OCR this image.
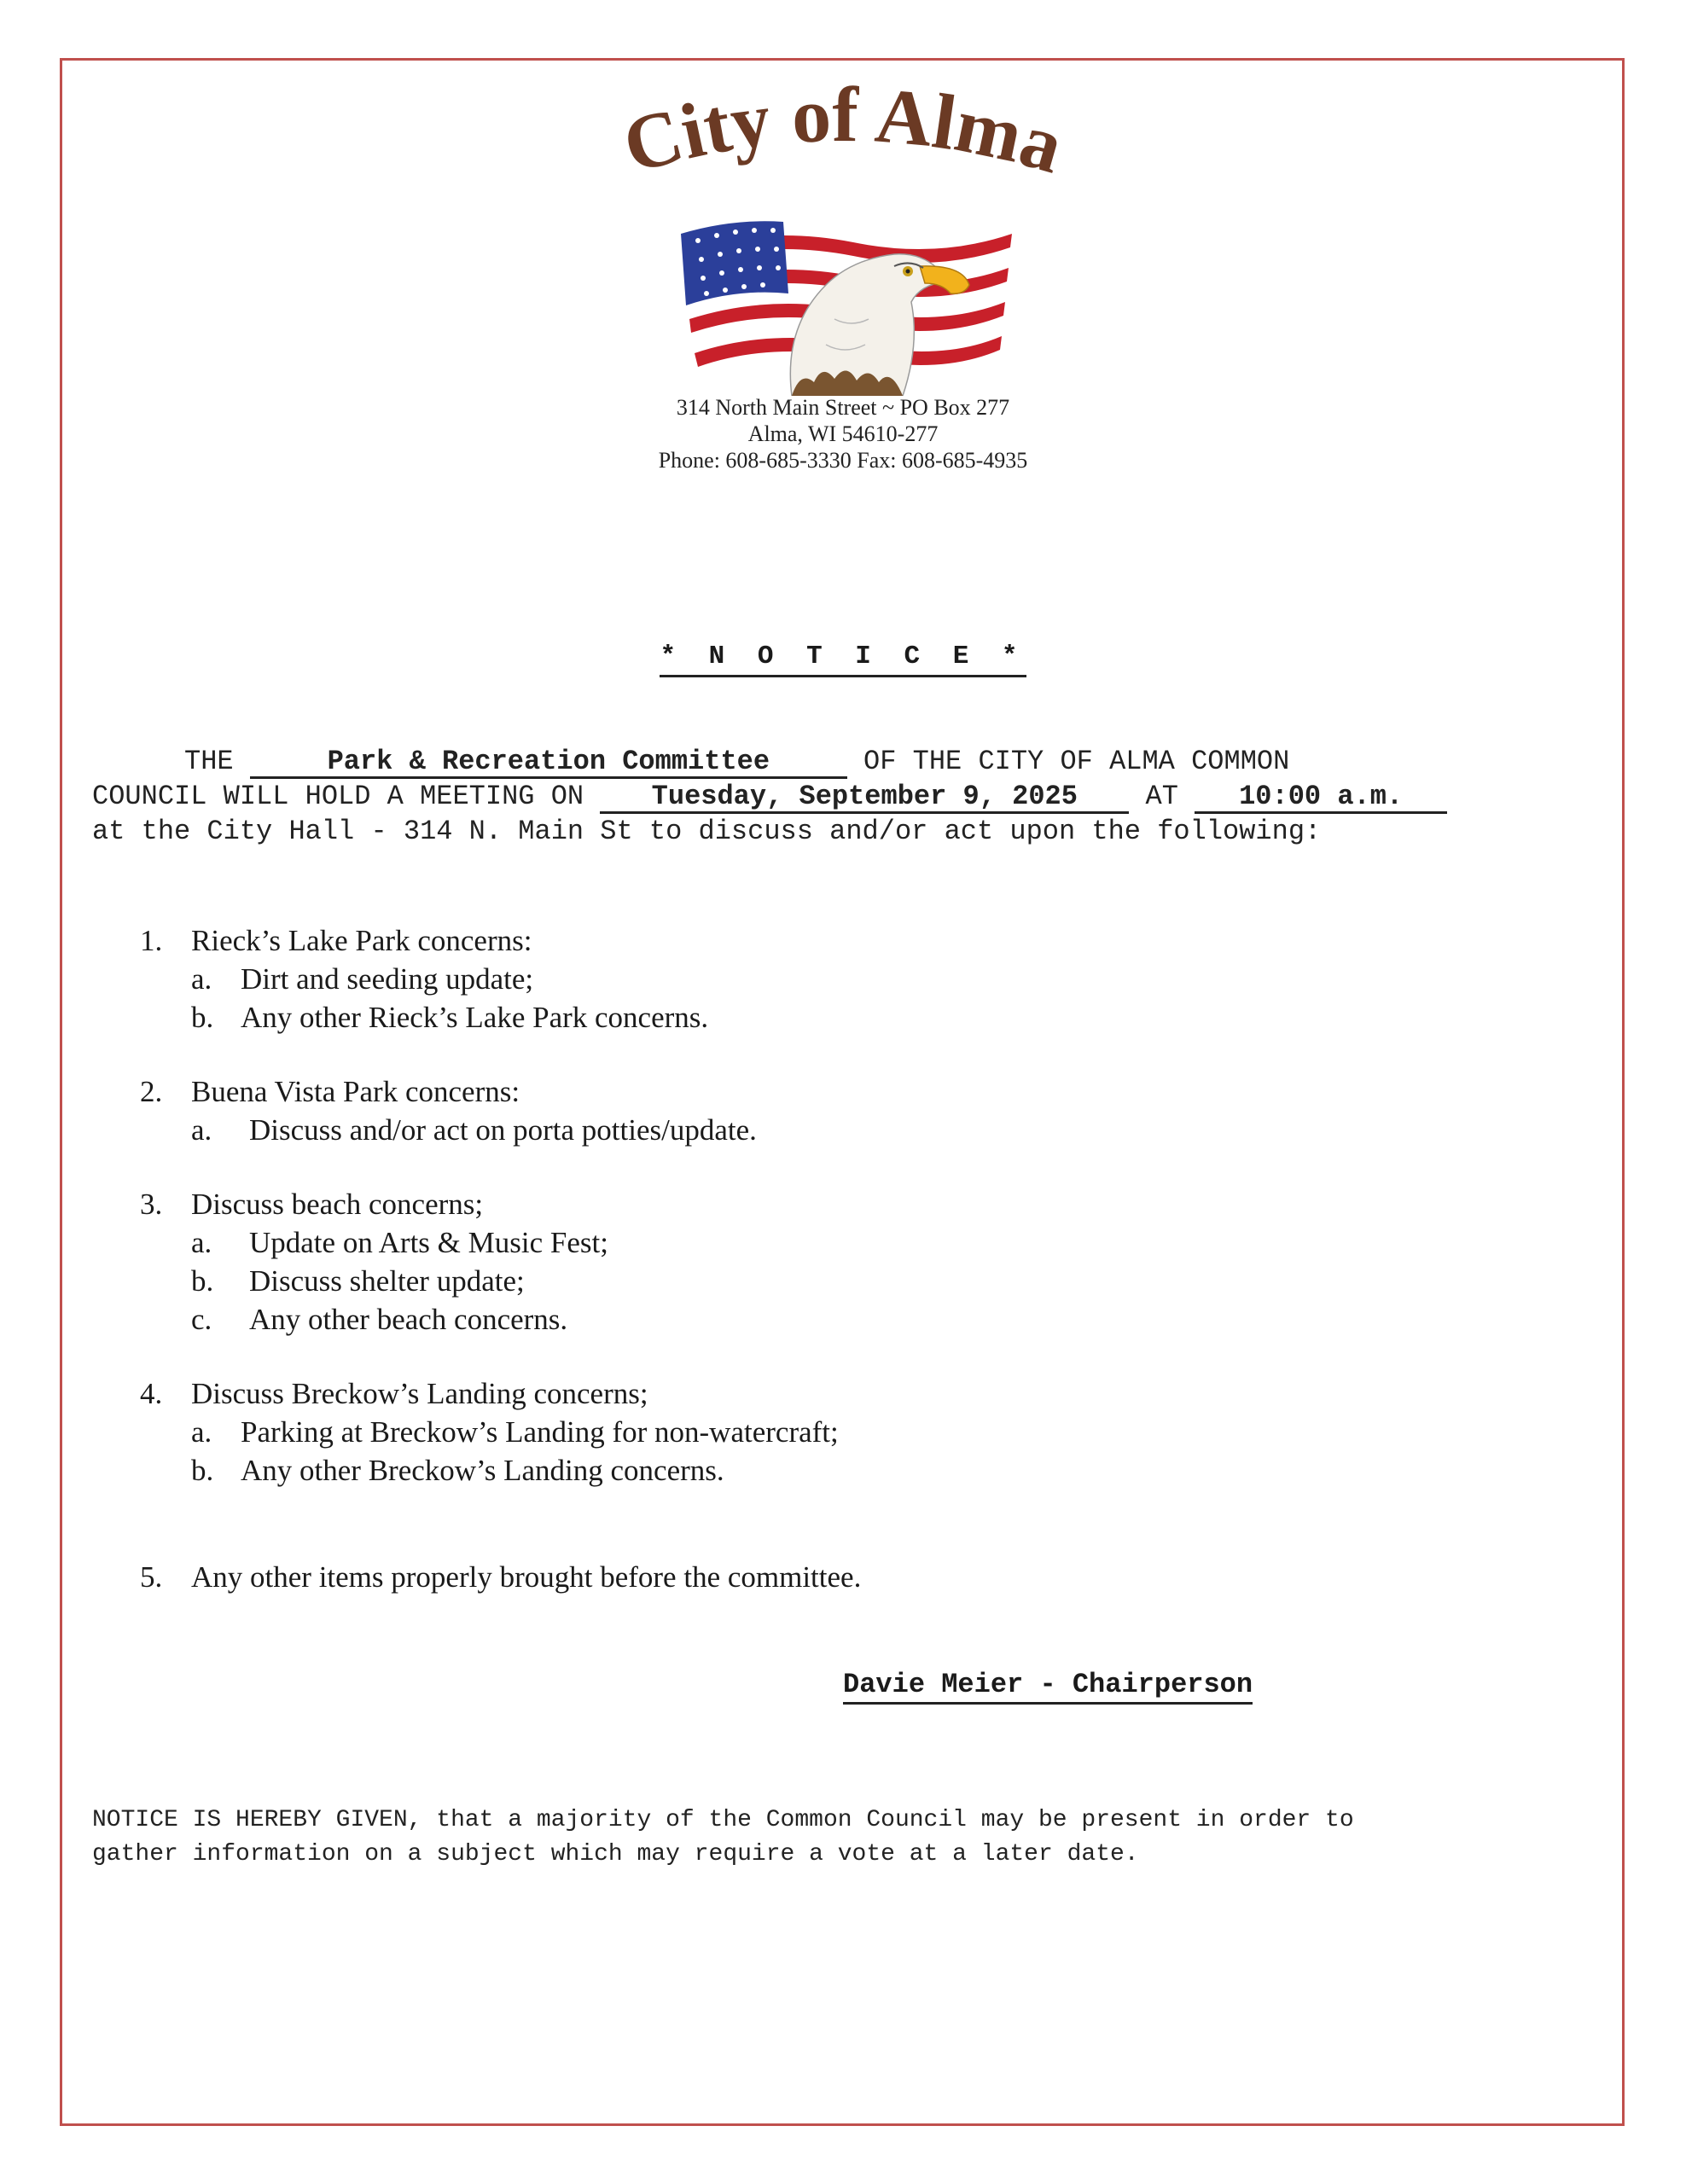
City of Alma
314 North Main Street ~ PO Box 277
Alma, WI 54610-277
Phone: 608-685-3330 Fax: 608-685-4935
* N O T I C E *
THE	Park & Recreation Committee	OF THE CITY OF ALMA COMMON
COUNCIL WILL HOLD A MEETING ON Tuesday, September 9, 2025 AT 10:00 a.m.
at the City Hall - 314 N. Main St to discuss and/or act upon the following:
1. Rieck’s Lake Park concerns:
a. Dirt and seeding update;
b. Any other Rieck’s Lake Park concerns.
2. Buena Vista Park concerns:
a. Discuss and/or act on porta potties/update.
3. Discuss beach concerns;
a. Update on Arts & Music Fest;
b. Discuss shelter update;
c. Any other beach concerns.
4. Discuss Breckow’s Landing concerns;
a. Parking at Breckow’s Landing for non-watercraft;
b. Any other Breckow’s Landing concerns.
5. Any other items properly brought before the committee.
Davie Meier - Chairperson
NOTICE IS HEREBY GIVEN, that a majority of the Common Council may be present in order to
gather information on a subject which may require a vote at a later date.
